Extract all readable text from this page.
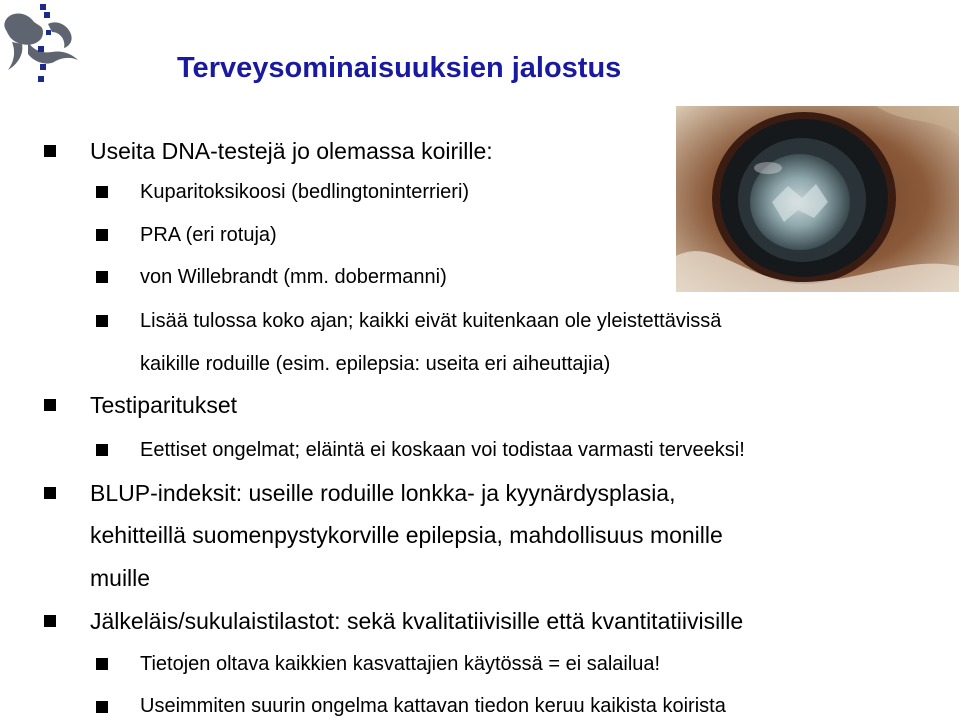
Terveysominaisuuksien jalostus
Useita DNA-testejä jo olemassa koirille:
Kuparitoksikoosi (bedlingtoninterrieri)
PRA (eri rotuja)
von Willebrandt (mm. dobermanni)
Lisää tulossa koko ajan; kaikki eivät kuitenkaan ole yleistettävissä
kaikille roduille (esim. epilepsia: useita eri aiheuttajia)
Testiparitukset
Eettiset ongelmat; eläintä ei koskaan voi todistaa varmasti terveeksi!
BLUP-indeksit: useille roduille lonkka- ja kyynärdysplasia,
kehitteillä suomenpystykorville epilepsia, mahdollisuus monille
muille
Jälkeläis/sukulaistilastot: sekä kvalitatiivisille että kvantitatiivisille
Tietojen oltava kaikkien kasvattajien käytössä = ei salailua!
Useimmiten suurin ongelma kattavan tiedon keruu kaikista koirista
